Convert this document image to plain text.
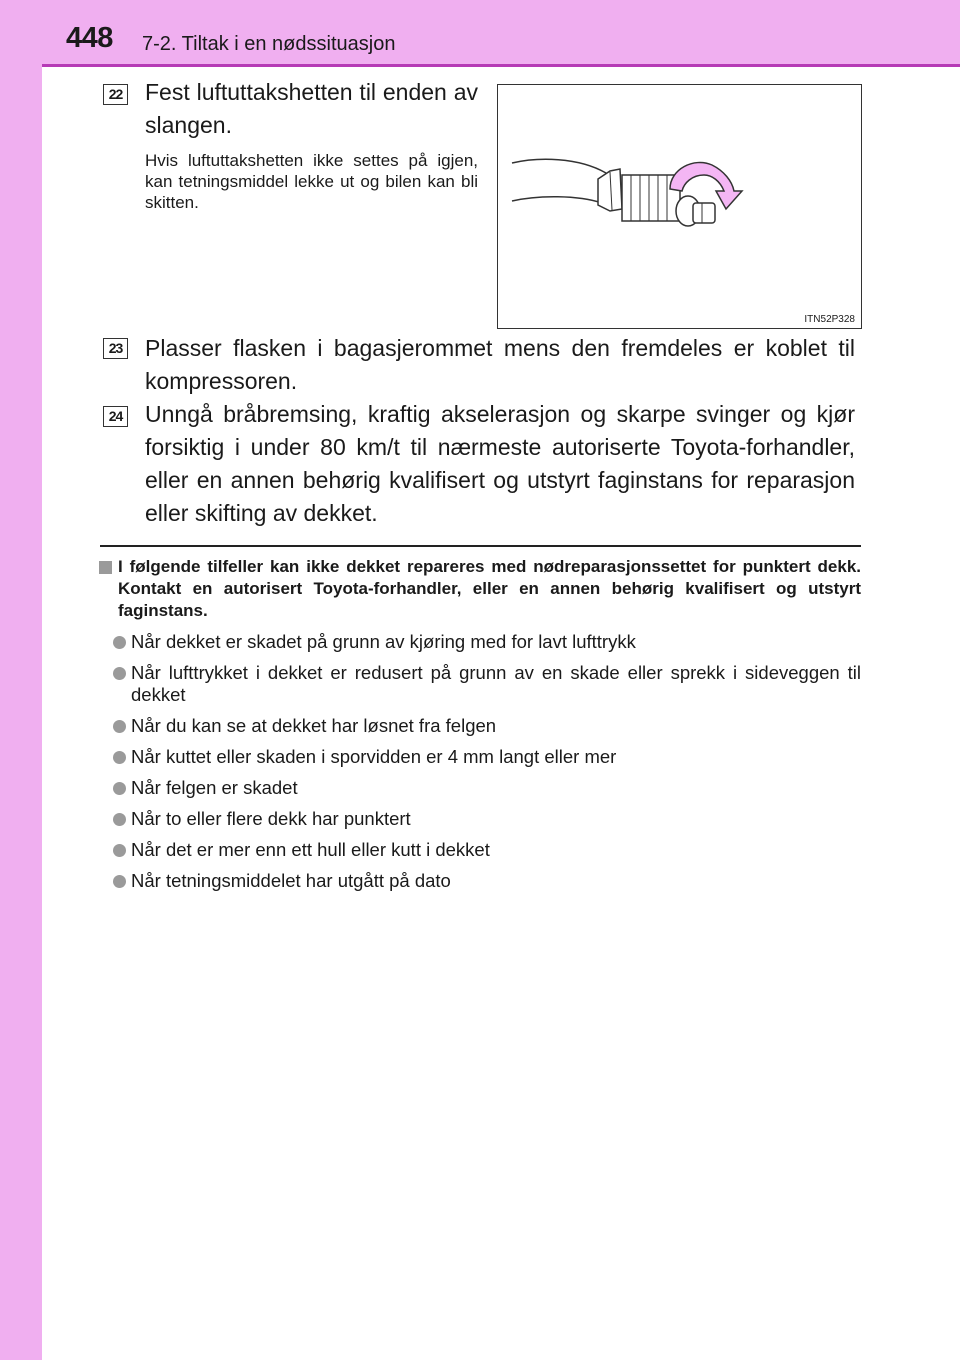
448 7-2. Tiltak i en nødssituasjon
22 Fest luftuttakshetten til enden av slangen.
Hvis luftuttakshetten ikke settes på igjen, kan tetningsmiddel lekke ut og bilen kan bli skitten.
ITN52P328
23 Plasser flasken i bagasjerommet mens den fremdeles er koblet til kompressoren.
24 Unngå bråbremsing, kraftig akselerasjon og skarpe svinger og kjør forsiktig i under 80 km/t til nærmeste autoriserte Toyota-forhandler, eller en annen behørig kvalifisert og utstyrt faginstans for reparasjon eller skifting av dekket.
I følgende tilfeller kan ikke dekket repareres med nødreparasjonssettet for punktert dekk. Kontakt en autorisert Toyota-forhandler, eller en annen behørig kvalifisert og utstyrt faginstans.
Når dekket er skadet på grunn av kjøring med for lavt lufttrykk
Når lufttrykket i dekket er redusert på grunn av en skade eller sprekk i sideveggen til dekket
Når du kan se at dekket har løsnet fra felgen
Når kuttet eller skaden i sporvidden er 4 mm langt eller mer
Når felgen er skadet
Når to eller flere dekk har punktert
Når det er mer enn ett hull eller kutt i dekket
Når tetningsmiddelet har utgått på dato
